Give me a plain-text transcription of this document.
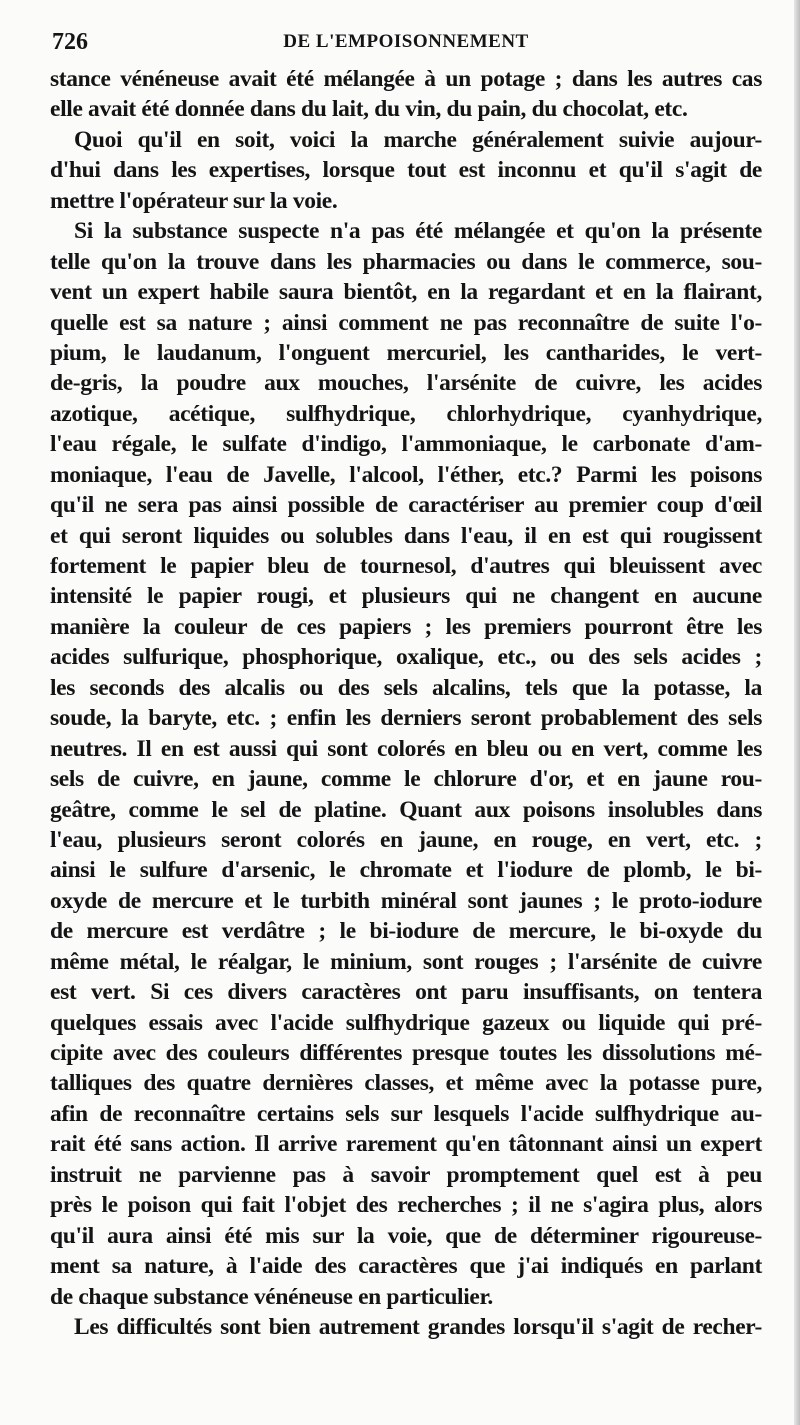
726	DE L'EMPOISONNEMENT
stance vénéneuse avait été mélangée à un potage ; dans les autres cas
elle avait été donnée dans du lait, du vin, du pain, du chocolat, etc.
Quoi qu'il en soit, voici la marche généralement suivie aujour-
d'hui dans les expertises, lorsque tout est inconnu et qu'il s'agit de
mettre l'opérateur sur la voie.
Si la substance suspecte n'a pas été mélangée et qu'on la présente
telle qu'on la trouve dans les pharmacies ou dans le commerce, sou-
vent un expert habile saura bientôt, en la regardant et en la flairant,
quelle est sa nature ; ainsi comment ne pas reconnaître de suite l'o-
pium, le laudanum, l'onguent mercuriel, les cantharides, le vert-
de-gris, la poudre aux mouches, l'arsénite de cuivre, les acides
azotique, acétique, sulfhydrique, chlorhydrique, cyanhydrique,
l'eau régale, le sulfate d'indigo, l'ammoniaque, le carbonate d'am-
moniaque, l'eau de Javelle, l'alcool, l'éther, etc.? Parmi les poisons
qu'il ne sera pas ainsi possible de caractériser au premier coup d'œil
et qui seront liquides ou solubles dans l'eau, il en est qui rougissent
fortement le papier bleu de tournesol, d'autres qui bleuissent avec
intensité le papier rougi, et plusieurs qui ne changent en aucune
manière la couleur de ces papiers ; les premiers pourront être les
acides sulfurique, phosphorique, oxalique, etc., ou des sels acides ;
les seconds des alcalis ou des sels alcalins, tels que la potasse, la
soude, la baryte, etc. ; enfin les derniers seront probablement des sels
neutres. Il en est aussi qui sont colorés en bleu ou en vert, comme les
sels de cuivre, en jaune, comme le chlorure d'or, et en jaune rou-
geâtre, comme le sel de platine. Quant aux poisons insolubles dans
l'eau, plusieurs seront colorés en jaune, en rouge, en vert, etc. ;
ainsi le sulfure d'arsenic, le chromate et l'iodure de plomb, le bi-
oxyde de mercure et le turbith minéral sont jaunes ; le proto-iodure
de mercure est verdâtre ; le bi-iodure de mercure, le bi-oxyde du
même métal, le réalgar, le minium, sont rouges ; l'arsénite de cuivre
est vert. Si ces divers caractères ont paru insuffisants, on tentera
quelques essais avec l'acide sulfhydrique gazeux ou liquide qui pré-
cipite avec des couleurs différentes presque toutes les dissolutions mé-
talliques des quatre dernières classes, et même avec la potasse pure,
afin de reconnaître certains sels sur lesquels l'acide sulfhydrique au-
rait été sans action. Il arrive rarement qu'en tâtonnant ainsi un expert
instruit ne parvienne pas à savoir promptement quel est à peu
près le poison qui fait l'objet des recherches ; il ne s'agira plus, alors
qu'il aura ainsi été mis sur la voie, que de déterminer rigoureuse-
ment sa nature, à l'aide des caractères que j'ai indiqués en parlant
de chaque substance vénéneuse en particulier.
Les difficultés sont bien autrement grandes lorsqu'il s'agit de recher-
